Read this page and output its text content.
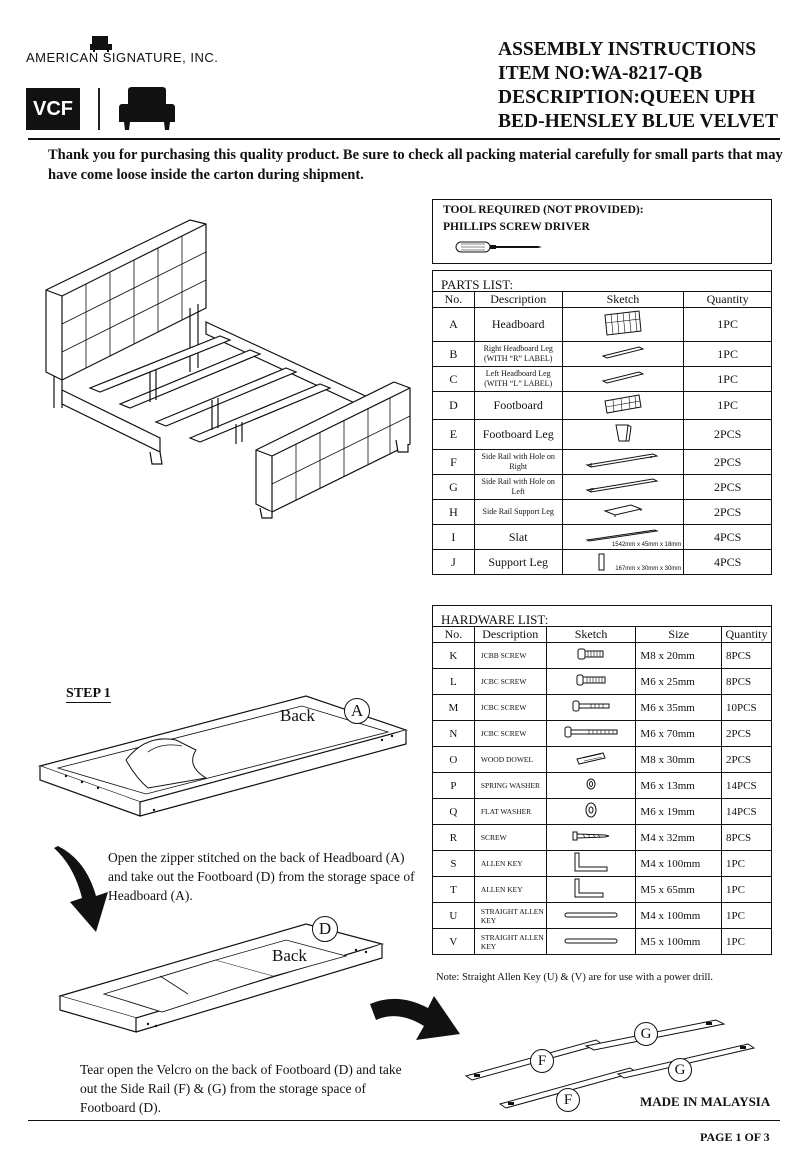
AMERICAN SIGNATURE, INC.
VCF
ASSEMBLY INSTRUCTIONS
ITEM NO:WA-8217-QB
DESCRIPTION:QUEEN UPH
BED-HENSLEY BLUE VELVET
Thank you for purchasing this quality product. Be sure to check all packing material carefully for small parts that may have come loose inside the carton during shipment.
TOOL REQUIRED (NOT PROVIDED):
PHILLIPS SCREW DRIVER
PARTS LIST:
No.	Description	Sketch	Quantity
A	Headboard		1PC
B	Right Headboard Leg (WITH “R” LABEL)		1PC
C	Left Headboard Leg (WITH “L” LABEL)		1PC
D	Footboard		1PC
E	Footboard Leg		2PCS
F	Side Rail with Hole on Right		2PCS
G	Side Rail with Hole on Left		2PCS
H	Side Rail Support Leg		2PCS
I	Slat	1542mm x 45mm x 18mm	4PCS
J	Support Leg	167mm x 30mm x 30mm	4PCS
HARDWARE LIST:
No.	Description	Sketch	Size	Quantity
K	JCBB SCREW		M8 x 20mm	8PCS
L	JCBC SCREW		M6 x 25mm	8PCS
M	JCBC SCREW		M6 x 35mm	10PCS
N	JCBC SCREW		M6 x 70mm	2PCS
O	WOOD DOWEL		M8 x 30mm	2PCS
P	SPRING WASHER		M6 x 13mm	14PCS
Q	FLAT WASHER		M6 x 19mm	14PCS
R	SCREW		M4 x 32mm	8PCS
S	ALLEN KEY		M4 x 100mm	1PC
T	ALLEN KEY		M5 x 65mm	1PC
U	STRAIGHT ALLEN KEY		M4 x 100mm	1PC
V	STRAIGHT ALLEN KEY		M5 x 100mm	1PC
Note: Straight Allen Key (U) & (V) are for use with a power drill.
STEP 1
Back	A
Open the zipper stitched on the back of Headboard (A) and take out the Footboard (D) from the storage space of Headboard (A).
Back
D
F
F
G
G
Tear open the Velcro on the back of Footboard (D) and take out the Side Rail (F) & (G) from the storage space of Footboard (D).	MADE IN MALAYSIA
PAGE 1 OF 3
